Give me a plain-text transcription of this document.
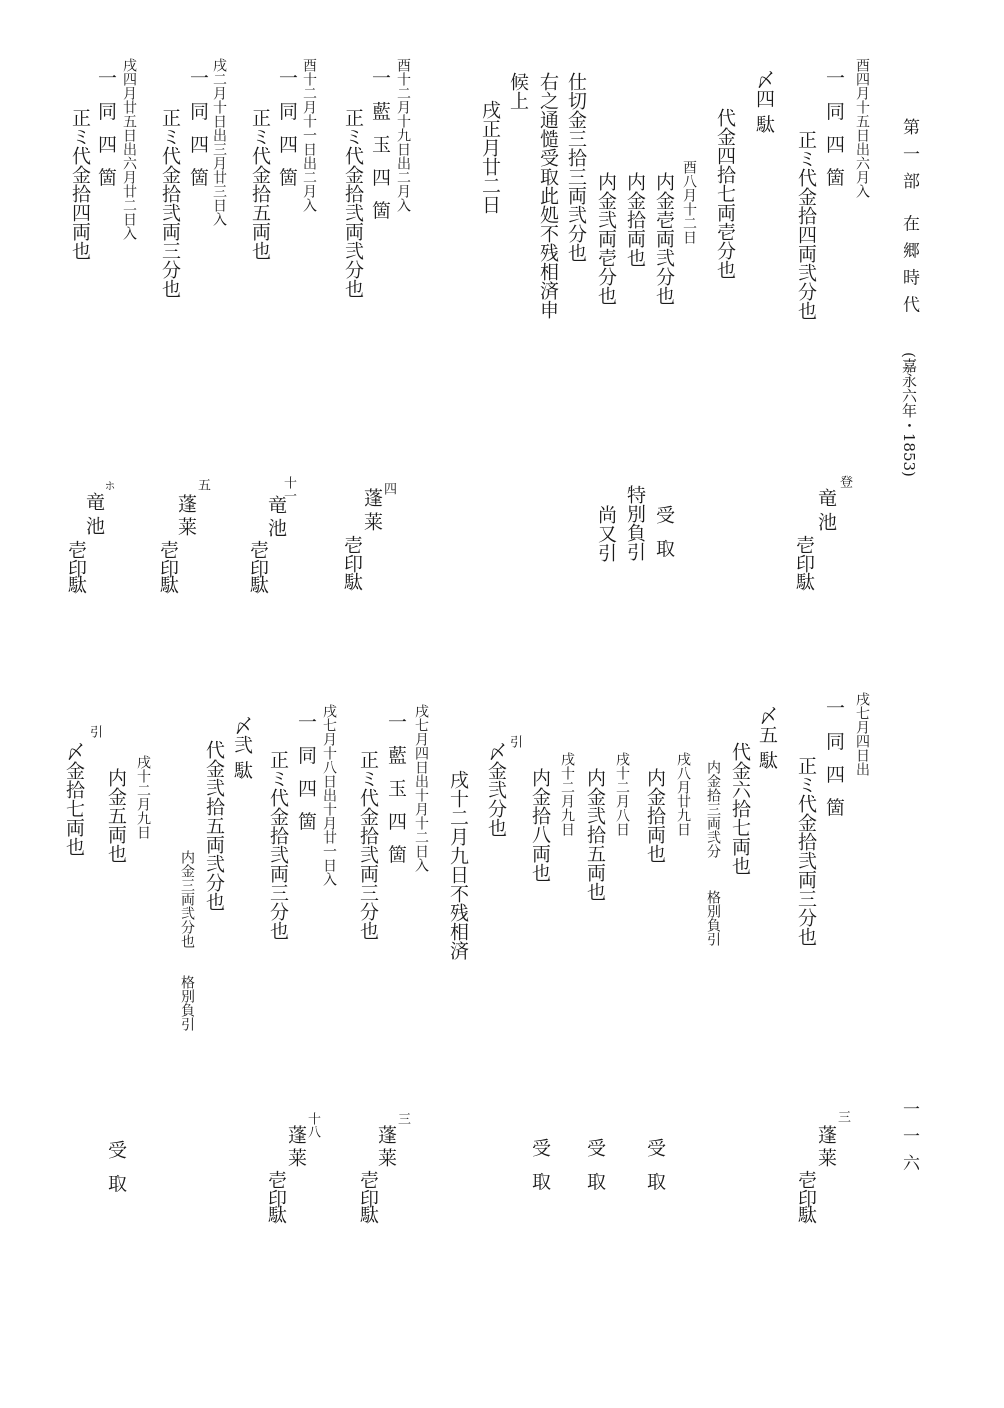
第一部 在郷時代
(嘉永六年・1853)
一一六
酉四月十五日出六月入
一 同 四 箇
正ミ代金拾四両弐分也
登
竜
池
壱印
駄
〆四 駄
代金四拾七両壱分也
酉八月十二日
内金壱両弐分也
内金拾両也
内金弐両壱分也
受 取
特別負引
尚又引
仕切金三拾三両弐分也
右之通慥受取此処不残相済申
候上
戌正月廿二日
酉十二月十九日出二月入
一 藍 玉 四 箇
正ミ代金拾弐両弐分也
四
蓬
莱
壱印
駄
酉十二月十一日出二月入
一 同 四 箇
正ミ代金拾五両也
十一
竜
池
壱印
駄
戌二月十日出三月廿三日入
一 同 四 箇
正ミ代金拾弐両三分也
五
蓬
莱
壱印
駄
戌四月廿五日出六月廿二日入
一 同 四 箇
正ミ代金拾四両也
ホ
竜
池
壱印
駄
戌七月四日出
一 同 四 箇
正ミ代金拾弐両三分也
三
蓬
莱
壱印
駄
〆五 駄
代金六拾七両也
内金拾三両弐分
格別負引
戌八月廿九日
内金拾両也
受 取
戌十二月八日
内金弐拾五両也
受 取
戌十二月九日
内金拾八両也
受 取
引
〆金弐分也
戌十二月九日不残相済
戌七月四日出十月十二日入
一 藍 玉 四 箇
正ミ代金拾弐両三分也
三
蓬
莱
壱印
駄
戌七月十八日出十月廿一日入
一 同 四 箇
正ミ代金拾弐両三分也
十八
蓬
莱
壱印
駄
〆弐 駄
代金弐拾五両弐分也
内金三両弐分也
格別負引
戌十二月九日
内金五両也
受 取
引
〆金拾七両也
